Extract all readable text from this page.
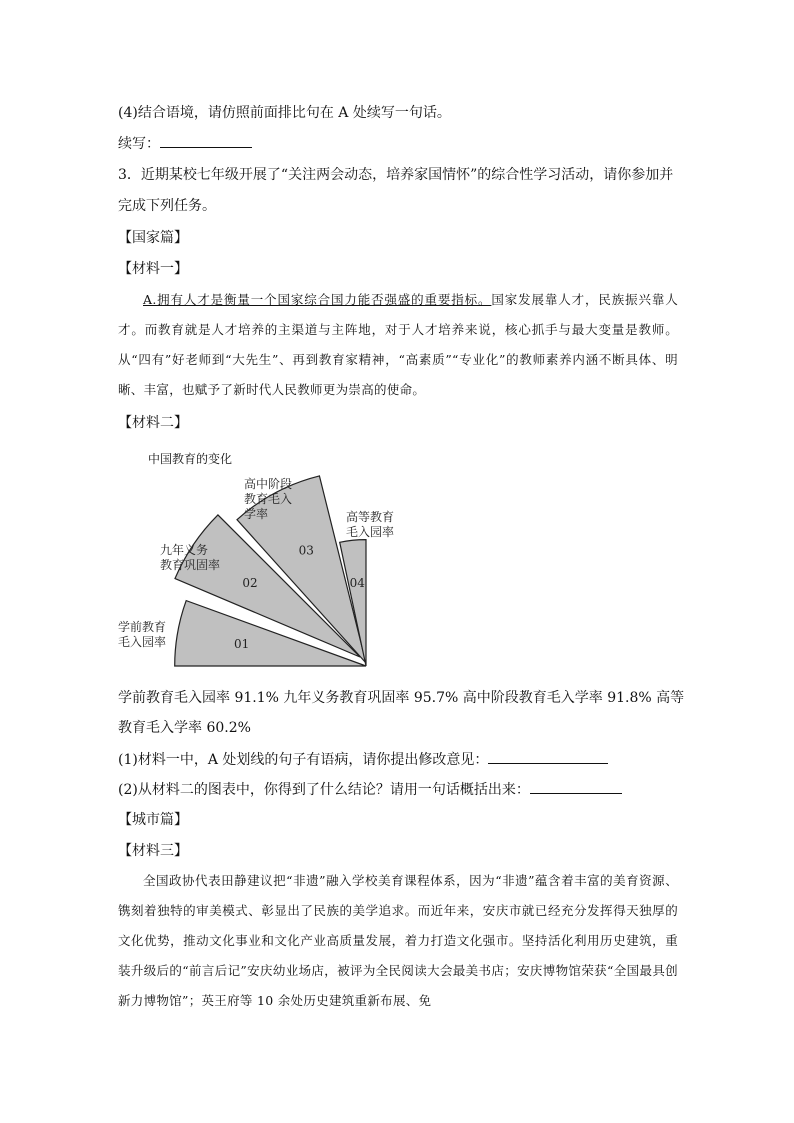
(4)结合语境，请仿照前面排比句在 A 处续写一句话。
续写：
3．近期某校七年级开展了“关注两会动态，培养家国情怀”的综合性学习活动，请你参加并
完成下列任务。
【国家篇】
【材料一】
A.拥有人才是衡量一个国家综合国力能否强盛的重要指标。国家发展靠人才，民族振兴靠人才。而教育就是人才培养的主渠道与主阵地，对于人才培养来说，核心抓手与最大变量是教师。从“四有”好老师到“大先生”、再到教育家精神，“高素质”“专业化”的教师素养内涵不断具体、明晰、丰富，也赋予了新时代人民教师更为崇高的使命。
【材料二】
中国教育的变化
01
02
03
04
学前教育毛入园率
九年义务教育巩固率
高中阶段教育毛入学率	高等教育毛入园率
学前教育毛入园率 91.1% 九年义务教育巩固率 95.7% 高中阶段教育毛入学率 91.8% 高等
教育毛入学率 60.2%
(1)材料一中，A 处划线的句子有语病，请你提出修改意见：
(2)从材料二的图表中，你得到了什么结论？请用一句话概括出来：
【城市篇】
【材料三】
全国政协代表田静建议把“非遗”融入学校美育课程体系，因为“非遗”蕴含着丰富的美育资源、镌刻着独特的审美模式、彰显出了民族的美学追求。而近年来，安庆市就已经充分发挥得天独厚的文化优势，推动文化事业和文化产业高质量发展，着力打造文化强市。坚持活化利用历史建筑，重装升级后的“前言后记”安庆幼业场店，被评为全民阅读大会最美书店；安庆博物馆荣获“全国最具创新力博物馆”；英王府等 10 余处历史建筑重新布展、免
